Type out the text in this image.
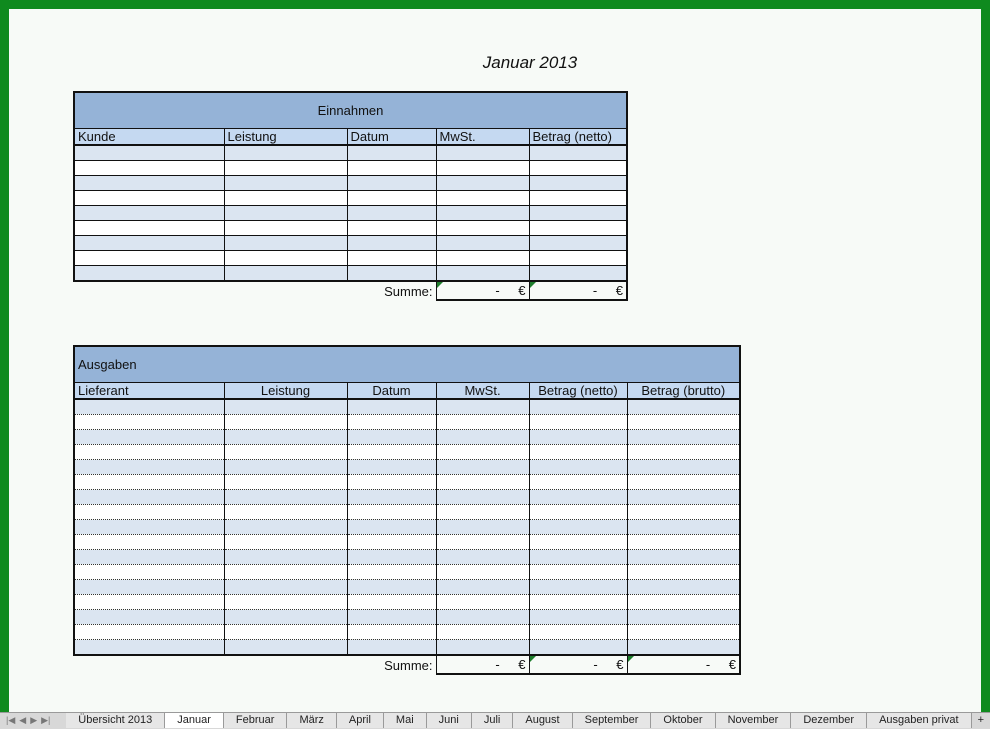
Januar 2013
Einnahmen				
Kunde	Leistung	Datum	MwSt.	Betrag (netto)

Summe:			- €	- €
Ausgaben					
Lieferant	Leistung	Datum	MwSt.	Betrag (netto)	Betrag (brutto)

Summe:			- €	- €	- €
|◀ ◀ ▶ ▶|	Übersicht 2013	Januar	Februar	März	April	Mai	Juni	Juli	August	September	Oktober	November	Dezember	Ausgaben privat	+
